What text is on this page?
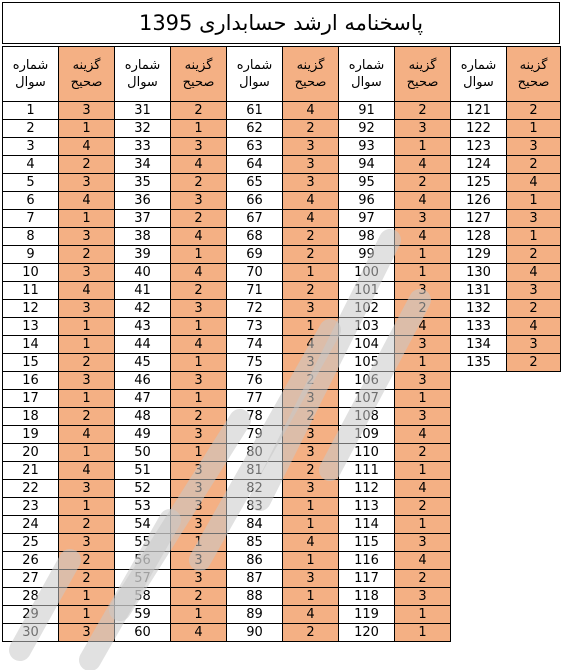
پاسخنامه ارشد حسابداری 1395
شماره سوال	گزینه صحیح	شماره سوال	گزینه صحیح	شماره سوال	گزینه صحیح	شماره سوال	گزینه صحیح	شماره سوال	گزینه صحیح
1	3	31	2	61	4	91	2	121	2
2	1	32	1	62	2	92	3	122	1
3	4	33	3	63	3	93	1	123	3
4	2	34	4	64	3	94	4	124	2
5	3	35	2	65	3	95	2	125	4
6	4	36	3	66	4	96	4	126	1
7	1	37	2	67	4	97	3	127	3
8	3	38	4	68	2	98	4	128	1
9	2	39	1	69	2	99	1	129	2
10	3	40	4	70	1	100	1	130	4
11	4	41	2	71	2	101	3	131	3
12	3	42	3	72	3	102	2	132	2
13	1	43	1	73	1	103	4	133	4
14	1	44	4	74	4	104	3	134	3
15	2	45	1	75	3	105	1	135	2
16	3	46	3	76	2	106	3		
17	1	47	1	77	3	107	1		
18	2	48	2	78	2	108	3		
19	4	49	3	79	3	109	4		
20	1	50	1	80	3	110	2		
21	4	51	3	81	2	111	1		
22	3	52	3	82	3	112	4		
23	1	53	3	83	1	113	2		
24	2	54	3	84	1	114	1		
25	3	55	1	85	4	115	3		
26	2	56	3	86	1	116	4		
27	2	57	3	87	3	117	2		
28	1	58	2	88	1	118	3		
29	1	59	1	89	4	119	1		
30	3	60	4	90	2	120	1		
